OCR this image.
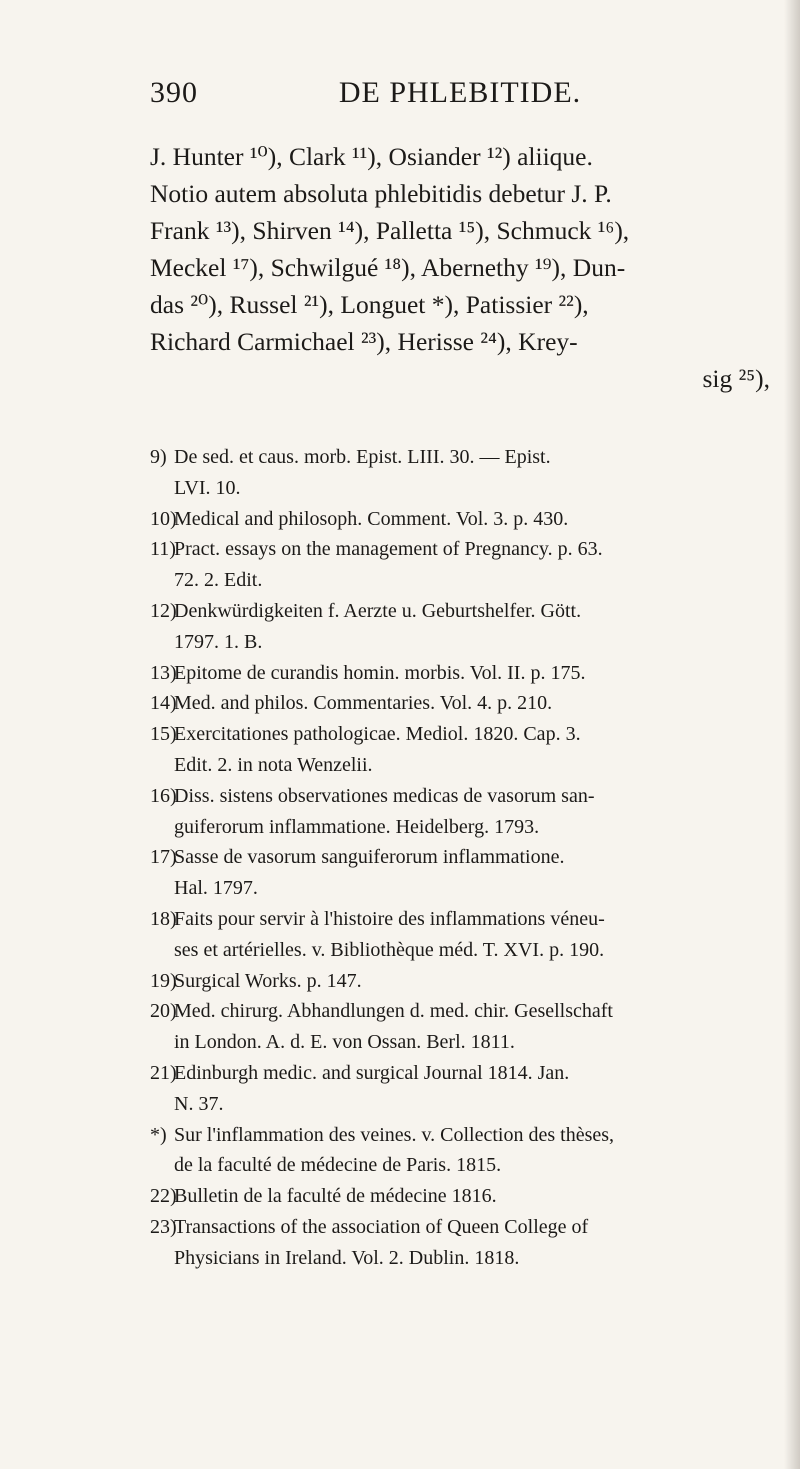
390	DE PHLEBITIDE.
J. Hunter ¹⁰), Clark ¹¹), Osiander ¹²) aliique.
Notio autem absoluta phlebitidis debetur J. P.
Frank ¹³), Shirven ¹⁴), Palletta ¹⁵), Schmuck ¹⁶),
Meckel ¹⁷), Schwilgué ¹⁸), Abernethy ¹⁹), Dun-
das ²⁰), Russel ²¹), Longuet *), Patissier ²²),
Richard Carmichael ²³), Herisse ²⁴), Krey-
sig ²⁵),
9) De sed. et caus. morb. Epist. LIII. 30. — Epist.
LVI. 10.
10)
Medical and philosoph. Comment. Vol. 3. p. 430.
11)
Pract. essays on the management of Pregnancy. p. 63.
72. 2. Edit.
12)
Denkwürdigkeiten f. Aerzte u. Geburtshelfer. Gött.
1797. 1. B.
13)
Epitome de curandis homin. morbis. Vol. II. p. 175.
14)
Med. and philos. Commentaries. Vol. 4. p. 210.
15)
Exercitationes pathologicae. Mediol. 1820. Cap. 3.
Edit. 2. in nota Wenzelii.
16)
Diss. sistens observationes medicas de vasorum san-
guiferorum inflammatione. Heidelberg. 1793.
17)
Sasse de vasorum sanguiferorum inflammatione.
Hal. 1797.
18)
Faits pour servir à l'histoire des inflammations véneu-
ses et artérielles. v. Bibliothèque méd. T. XVI. p. 190.
19)
Surgical Works. p. 147.
20)
Med. chirurg. Abhandlungen d. med. chir. Gesellschaft
in London. A. d. E. von Ossan. Berl. 1811.
21)
Edinburgh medic. and surgical Journal 1814. Jan.
N. 37.
*) Sur l'inflammation des veines. v. Collection des thèses,
de la faculté de médecine de Paris. 1815.
22)
Bulletin de la faculté de médecine 1816.
23)
Transactions of the association of Queen College of
Physicians in Ireland. Vol. 2. Dublin. 1818.
